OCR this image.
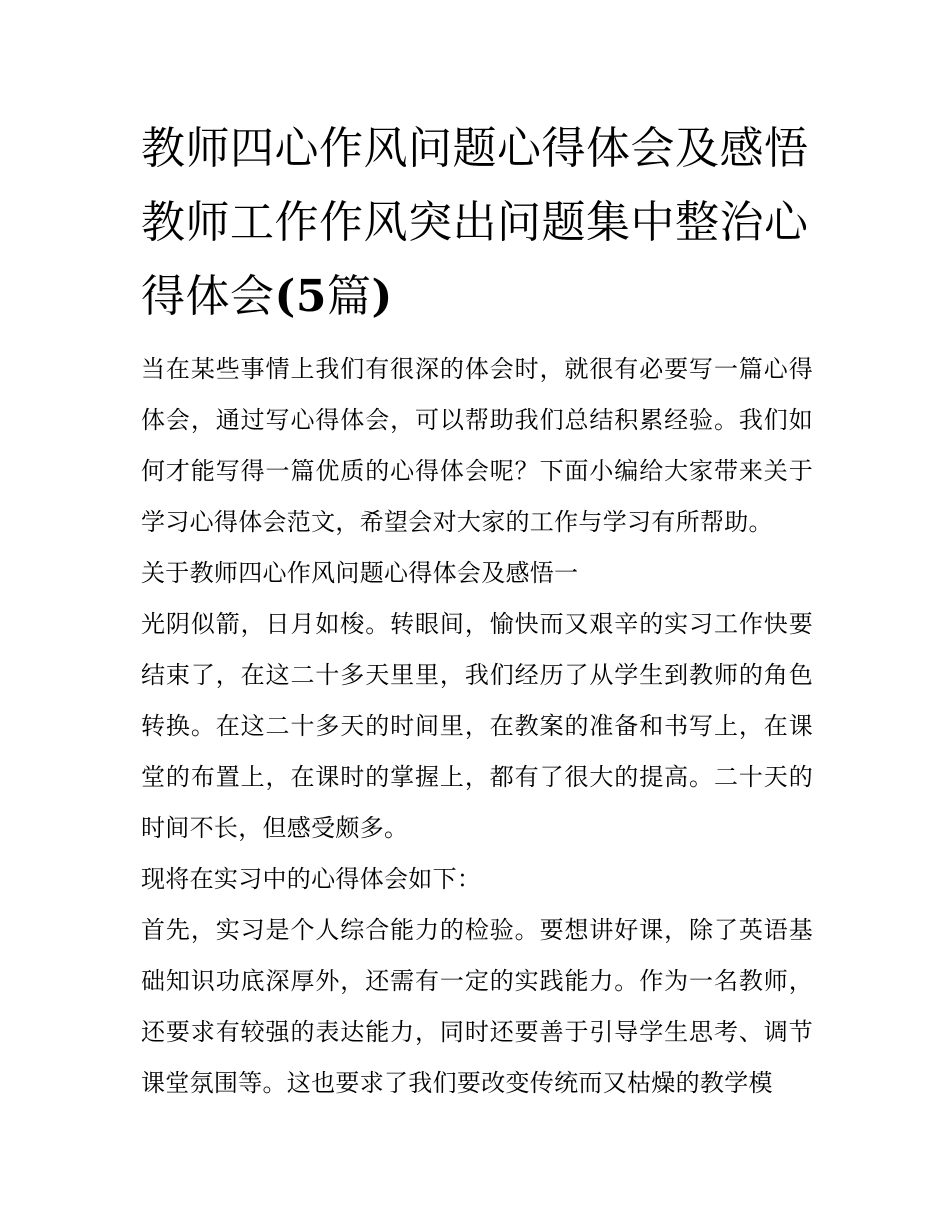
教师四心作风问题心得体会及感悟 教师工作作风突出问题集中整治心得体会(5篇)

当在某些事情上我们有很深的体会时，就很有必要写一篇心得体会，通过写心得体会，可以帮助我们总结积累经验。我们如何才能写得一篇优质的心得体会呢？下面小编给大家带来关于学习心得体会范文，希望会对大家的工作与学习有所帮助。

关于教师四心作风问题心得体会及感悟一

光阴似箭，日月如梭。转眼间，愉快而又艰辛的实习工作快要结束了，在这二十多天里里，我们经历了从学生到教师的角色转换。在这二十多天的时间里，在教案的准备和书写上，在课堂的布置上，在课时的掌握上，都有了很大的提高。二十天的时间不长，但感受颇多。

现将在实习中的心得体会如下：

首先，实习是个人综合能力的检验。要想讲好课，除了英语基础知识功底深厚外，还需有一定的实践能力。作为一名教师，还要求有较强的表达能力，同时还要善于引导学生思考、调节课堂氛围等。这也要求了我们要改变传统而又枯燥的教学模
